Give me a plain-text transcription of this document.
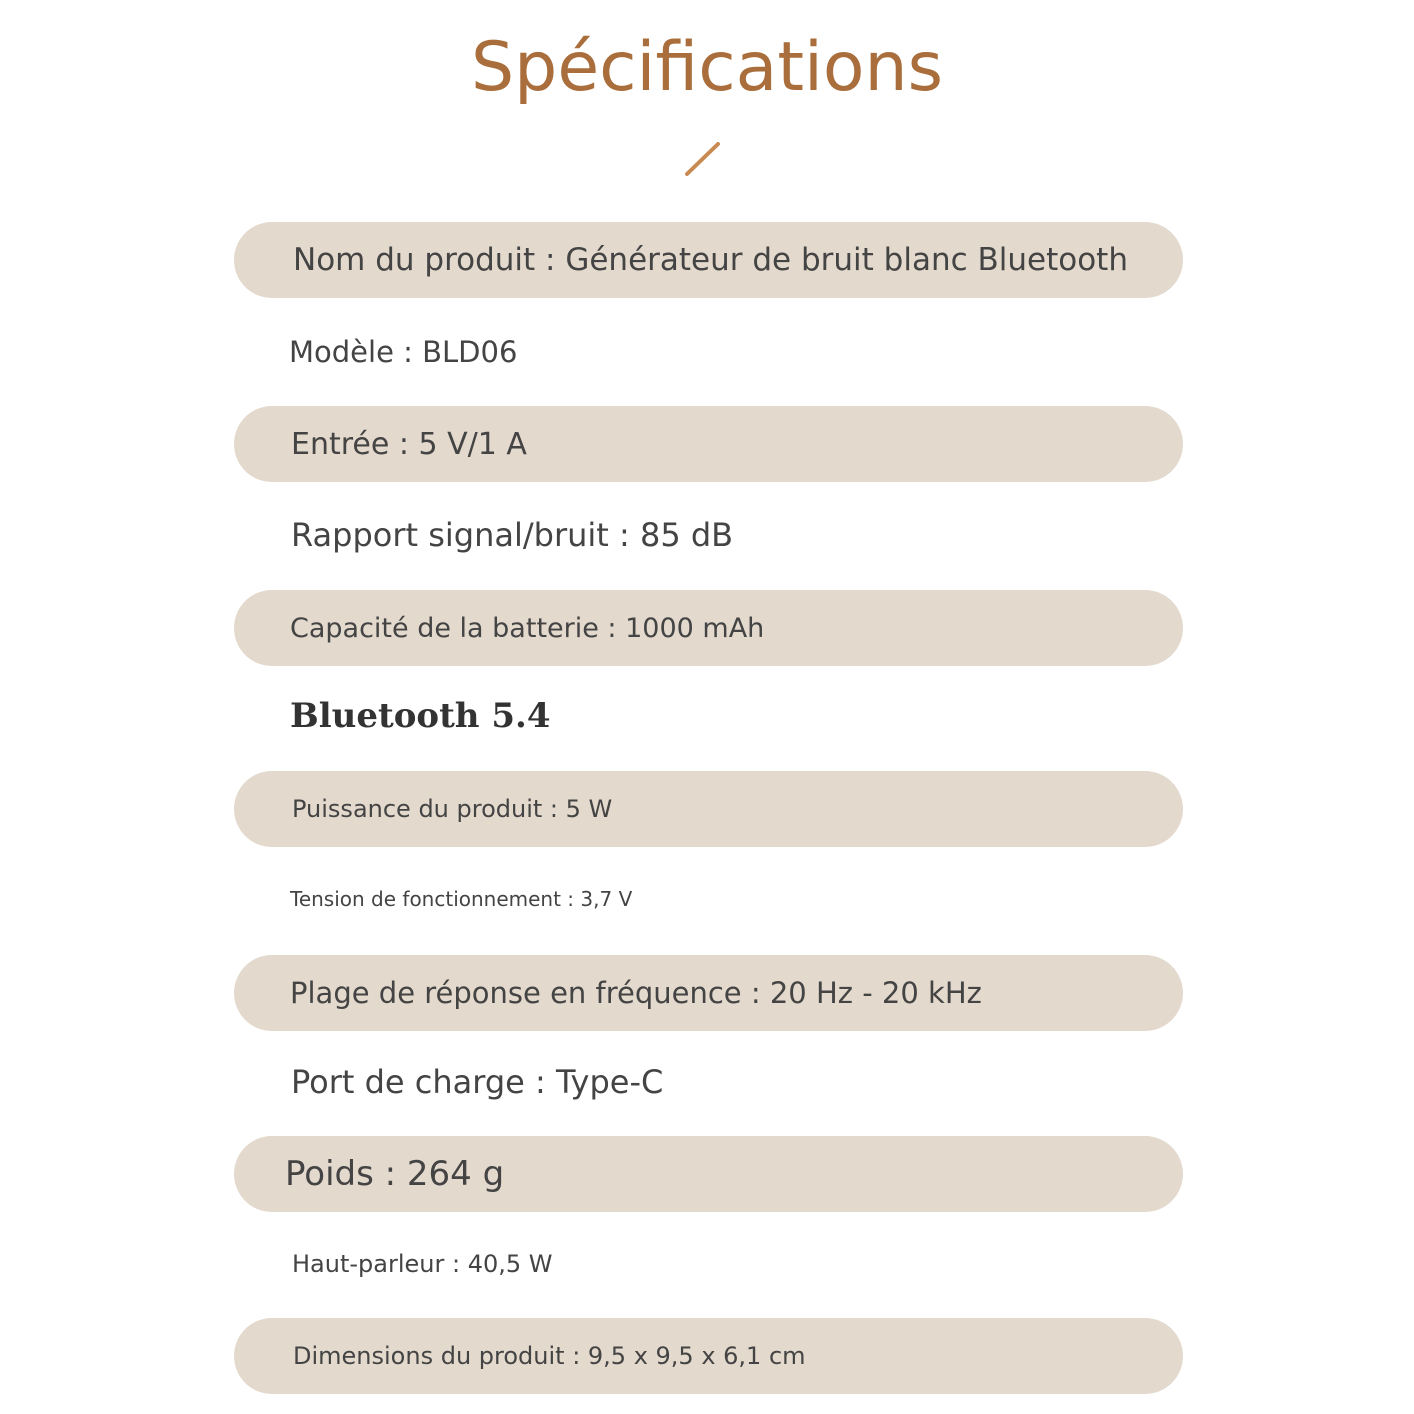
Spécifications
Nom du produit : Générateur de bruit blanc Bluetooth
Modèle : BLD06
Entrée : 5 V/1 A
Rapport signal/bruit : 85 dB
Capacité de la batterie : 1000 mAh
Bluetooth 5.4
Puissance du produit : 5 W
Tension de fonctionnement : 3,7 V
Plage de réponse en fréquence : 20 Hz - 20 kHz
Port de charge : Type-C
Poids : 264 g
Haut-parleur : 40,5 W
Dimensions du produit : 9,5 x 9,5 x 6,1 cm
